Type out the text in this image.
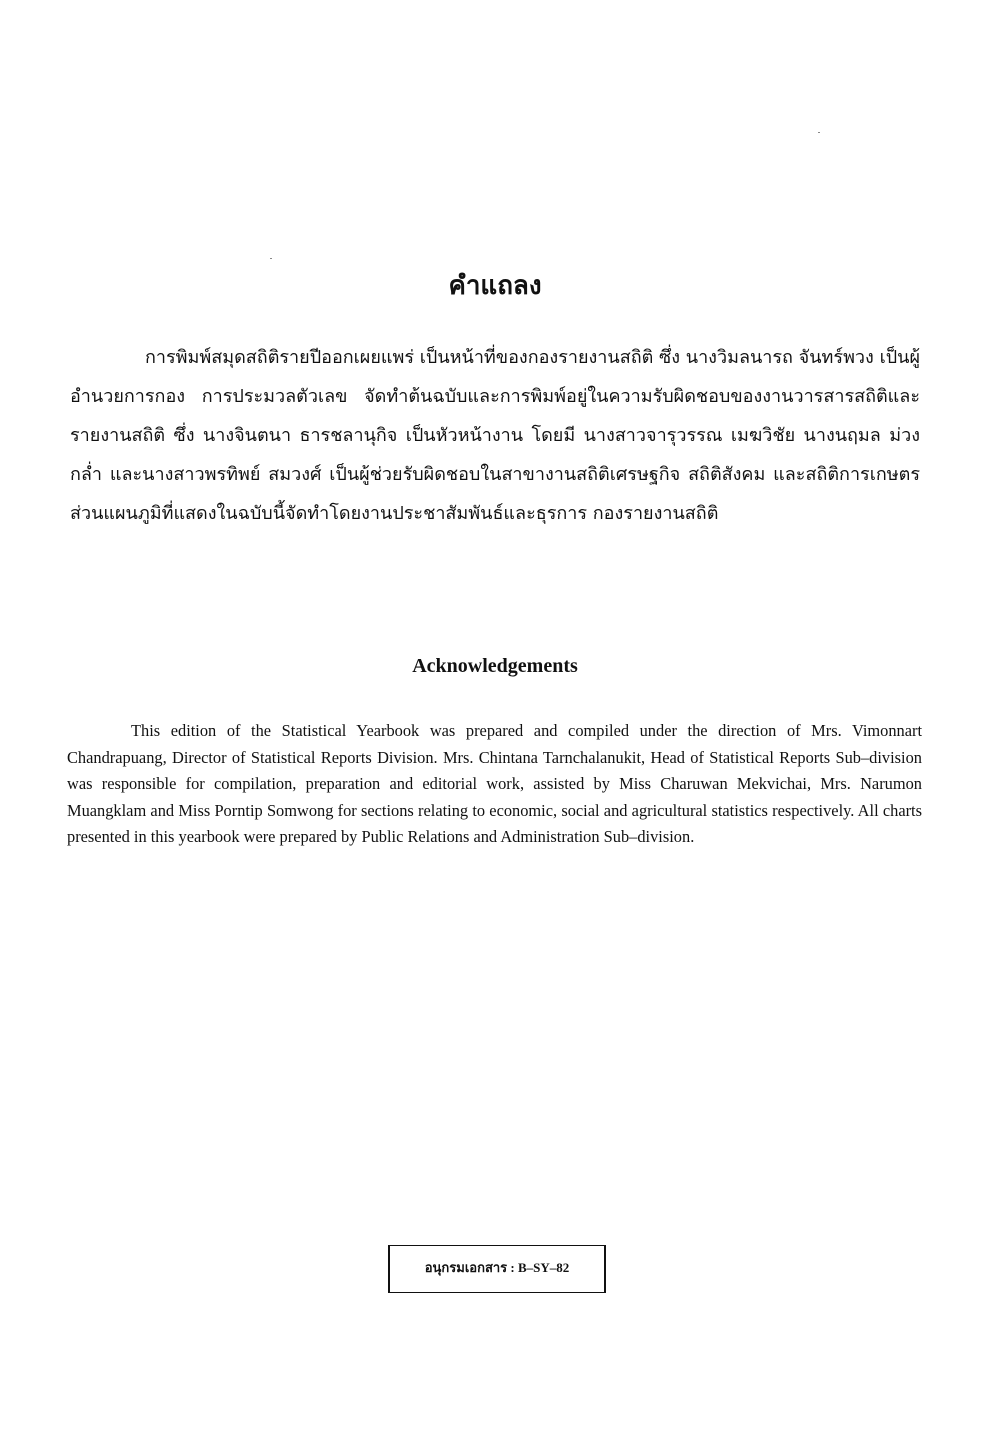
คำแถลง

การพิมพ์สมุดสถิติรายปีออกเผยแพร่ เป็นหน้าที่ของกองรายงานสถิติ ซึ่ง นางวิมลนารถ จันทร์พวง เป็นผู้อำนวยการกอง การประมวลตัวเลข จัดทำต้นฉบับและการพิมพ์อยู่ในความรับผิดชอบของงานวารสารสถิติและรายงานสถิติ ซึ่ง นางจินตนา ธารชลานุกิจ เป็นหัวหน้างาน โดยมี นางสาวจารุวรรณ เมฆวิชัย นางนฤมล ม่วงกล่ำ และนางสาวพรทิพย์ สมวงศ์ เป็นผู้ช่วยรับผิดชอบในสาขางานสถิติเศรษฐกิจ สถิติสังคม และสถิติการเกษตร ส่วนแผนภูมิที่แสดงในฉบับนี้จัดทำโดยงานประชาสัมพันธ์และธุรการ กองรายงานสถิติ

Acknowledgements

This edition of the Statistical Yearbook was prepared and compiled under the direction of Mrs. Vimonnart Chandrapuang, Director of Statistical Reports Division. Mrs. Chintana Tarnchalanukit, Head of Statistical Reports Sub–division was responsible for compilation, preparation and editorial work, assisted by Miss Charuwan Mekvichai, Mrs. Narumon Muangklam and Miss Porntip Somwong for sections relating to economic, social and agricultural statistics respectively. All charts presented in this yearbook were prepared by Public Relations and Administration Sub–division.

อนุกรมเอกสาร : B–SY–82
